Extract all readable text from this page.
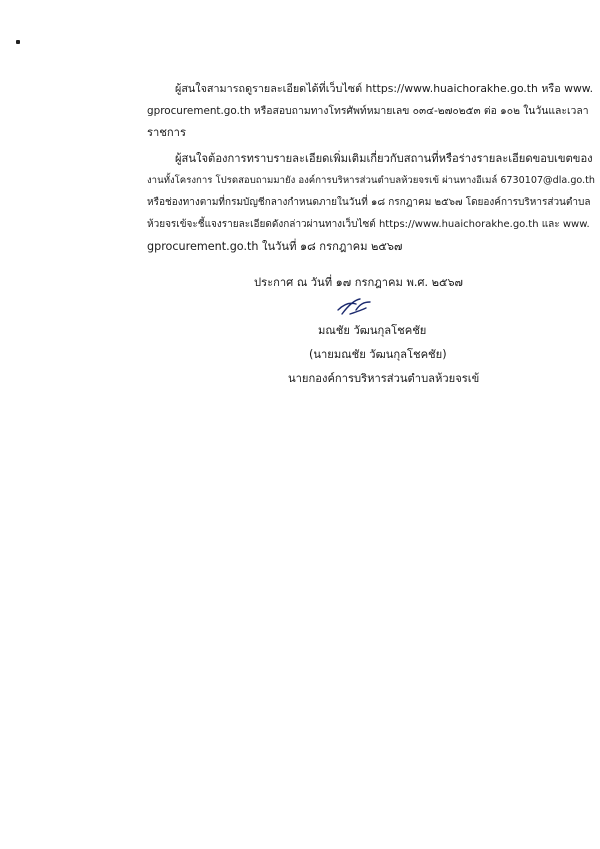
ผู้สนใจสามารถดูรายละเอียดได้ที่เว็บไซต์ https://www.huaichorakhe.go.th หรือ www.
gprocurement.go.th หรือสอบถามทางโทรศัพท์หมายเลข ๐๓๔-๒๗๐๒๕๓ ต่อ ๑๐๒ ในวันและเวลา
ราชการ
ผู้สนใจต้องการทราบรายละเอียดเพิ่มเติมเกี่ยวกับสถานที่หรือร่างรายละเอียดขอบเขตของ
งานทั้งโครงการ โปรดสอบถามมายัง องค์การบริหารส่วนตำบลห้วยจรเข้ ผ่านทางอีเมล์ 6730107@dla.go.th
หรือช่องทางตามที่กรมบัญชีกลางกำหนดภายในวันที่ ๑๘ กรกฎาคม ๒๕๖๗ โดยองค์การบริหารส่วนตำบล
ห้วยจรเข้จะชี้แจงรายละเอียดดังกล่าวผ่านทางเว็บไซต์ https://www.huaichorakhe.go.th และ www.
gprocurement.go.th ในวันที่ ๑๘ กรกฎาคม ๒๕๖๗
ประกาศ ณ วันที่ ๑๗ กรกฎาคม พ.ศ. ๒๕๖๗
มณชัย วัฒนกุลโชคชัย
(นายมณชัย วัฒนกุลโชคชัย)
นายกองค์การบริหารส่วนตำบลห้วยจรเข้
